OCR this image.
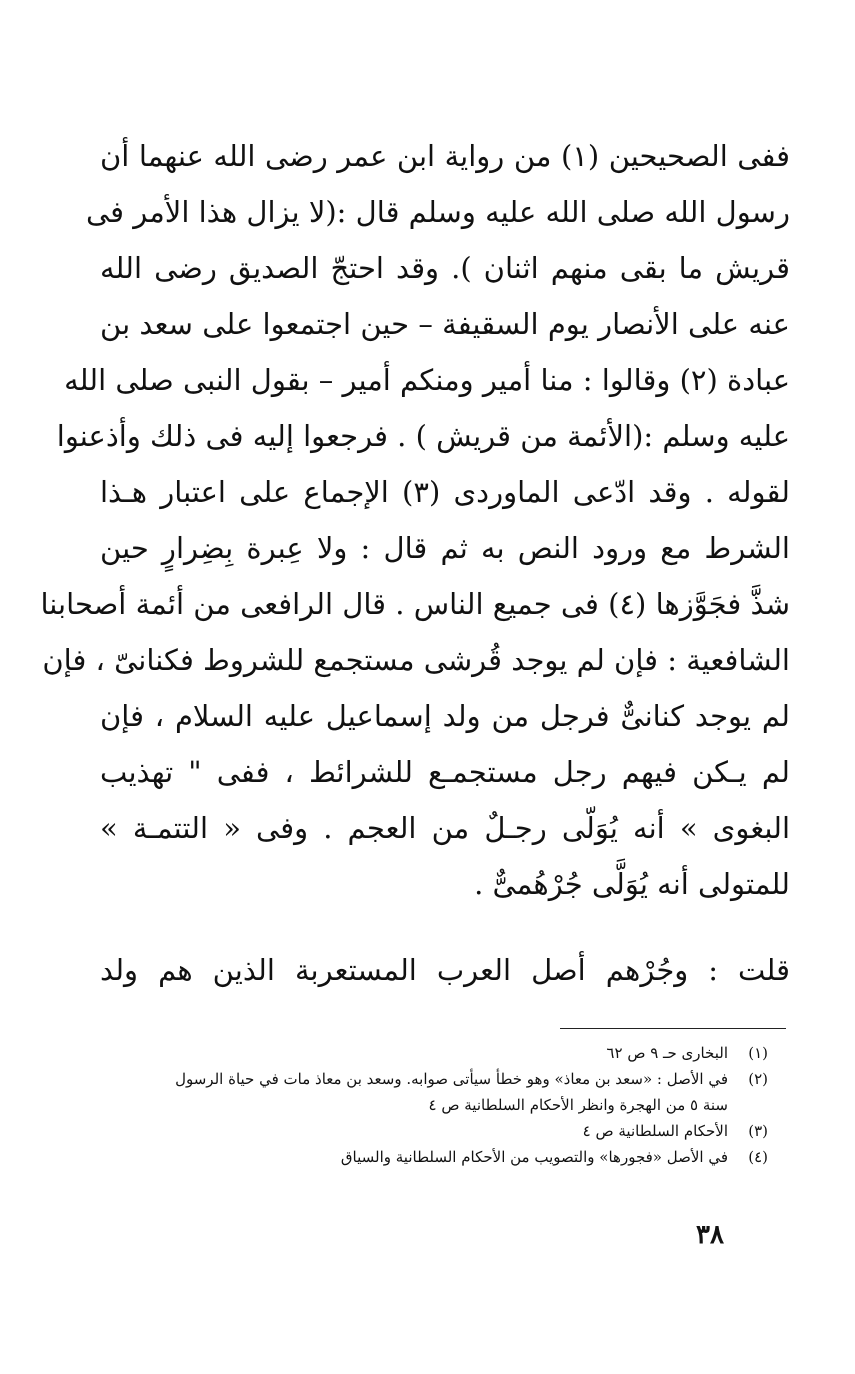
ففى الصحيحين (١) من رواية ابن عمر رضى الله عنهما أن
رسول الله صلى الله عليه وسلم قال :(لا يزال هذا الأمر فى
قريش ما بقى منهم اثنان ). وقد احتجّ الصديق رضى الله
عنه على الأنصار يوم السقيفة – حين اجتمعوا على سعد بن
عبادة (٢) وقالوا : منا أمير ومنكم أمير – بقول النبى صلى الله
عليه وسلم :(الأئمة من قريش ) . فرجعوا إليه فى ذلك وأذعنوا
لقوله . وقد ادّعى الماوردى (٣) الإجماع على اعتبار هـذا
الشرط مع ورود النص به ثم قال : ولا عِبرة بِضِرارٍ حين
شذَّ فجَوَّزها (٤) فى جميع الناس . قال الرافعى من أئمة أصحابنا
الشافعية : فإن لم يوجد قُرشى مستجمع للشروط فكنانىّ ، فإن
لم يوجد كنانىٌّ فرجل من ولد إسماعيل عليه السلام ، فإن
لم يـكن فيهم رجل مستجمـع للشرائط ، ففى " تهذيب
البغوى » أنه يُوَلّى رجـلٌ من العجم . وفى « التتمـة »
للمتولى أنه يُوَلَّى جُرْهُمىٌّ .
قلت : وجُرْهم أصل العرب المستعربة الذين هم ولد
(١)
البخارى حـ ٩ ص ٦٢
(٢)
في الأصل : «سعد بن معاذ» وهو خطأ سيأتى صوابه. وسعد بن معاذ مات في حياة الرسول
سنة ٥ من الهجرة وانظر الأحكام السلطانية ص ٤
(٣)
الأحكام السلطانية ص ٤
(٤)
في الأصل «فجورها» والتصويب من الأحكام السلطانية والسياق
٣٨
